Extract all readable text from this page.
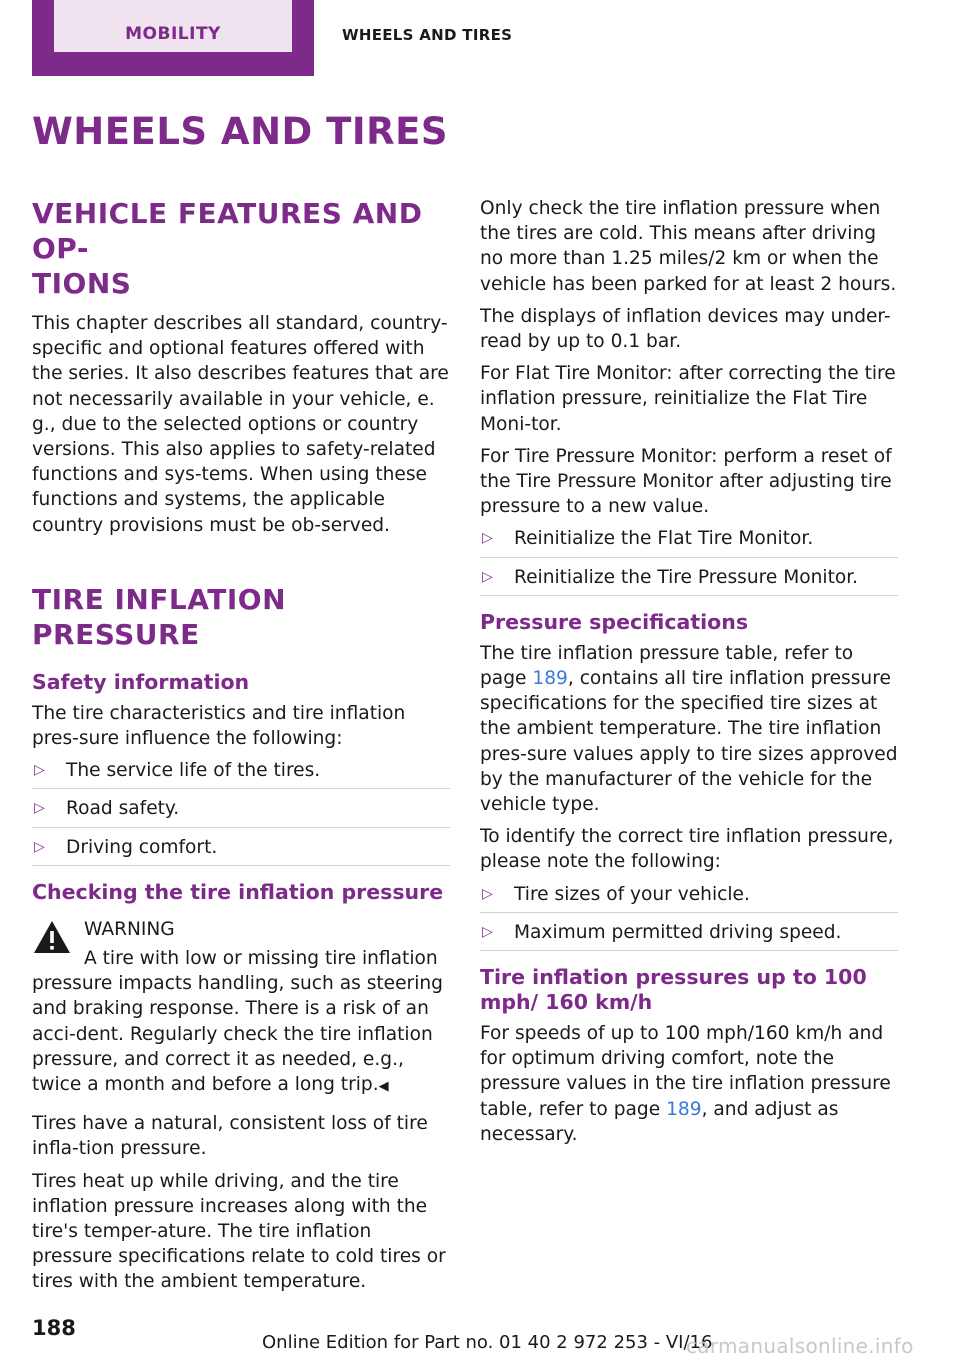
MOBILITY	WHEELS AND TIRES
WHEELS AND TIRES
VEHICLE FEATURES AND OP-
TIONS

This chapter describes all standard, country-specific and optional features offered with the series. It also describes features that are not necessarily available in your vehicle, e. g., due to the selected options or country versions. This also applies to safety-related functions and sys-tems. When using these functions and systems, the applicable country provisions must be ob-served.

TIRE INFLATION PRESSURE
Safety information

The tire characteristics and tire inflation pres-sure influence the following:

▷ The service life of the tires.
▷ Road safety.
▷ Driving comfort.
Checking the tire inflation pressure
WARNING

A tire with low or missing tire inflation pressure impacts handling, such as steering and braking response. There is a risk of an acci-dent. Regularly check the tire inflation pressure, and correct it as needed, e.g., twice a month and before a long trip.◀

Tires have a natural, consistent loss of tire infla-tion pressure.

Tires heat up while driving, and the tire inflation pressure increases along with the tire's temper-ature. The tire inflation pressure specifications relate to cold tires or tires with the ambient temperature.

Only check the tire inflation pressure when the tires are cold. This means after driving no more than 1.25 miles/2 km or when the vehicle has been parked for at least 2 hours.

The displays of inflation devices may under-read by up to 0.1 bar.

For Flat Tire Monitor: after correcting the tire inflation pressure, reinitialize the Flat Tire Moni-tor.

For Tire Pressure Monitor: perform a reset of the Tire Pressure Monitor after adjusting tire pressure to a new value.

▷ Reinitialize the Flat Tire Monitor.
▷ Reinitialize the Tire Pressure Monitor.
Pressure specifications

The tire inflation pressure table, refer to page 189, contains all tire inflation pressure specifications for the specified tire sizes at the ambient temperature. The tire inflation pres-sure values apply to tire sizes approved by the manufacturer of the vehicle for the vehicle type.

To identify the correct tire inflation pressure, please note the following:

▷ Tire sizes of your vehicle.
▷ Maximum permitted driving speed.
Tire inflation pressures up to 100 mph/ 160 km/h

For speeds of up to 100 mph/160 km/h and for optimum driving comfort, note the pressure values in the tire inflation pressure table, refer to page 189, and adjust as necessary.

188
Online Edition for Part no. 01 40 2 972 253 - VI/16
carmanualsonline.info
